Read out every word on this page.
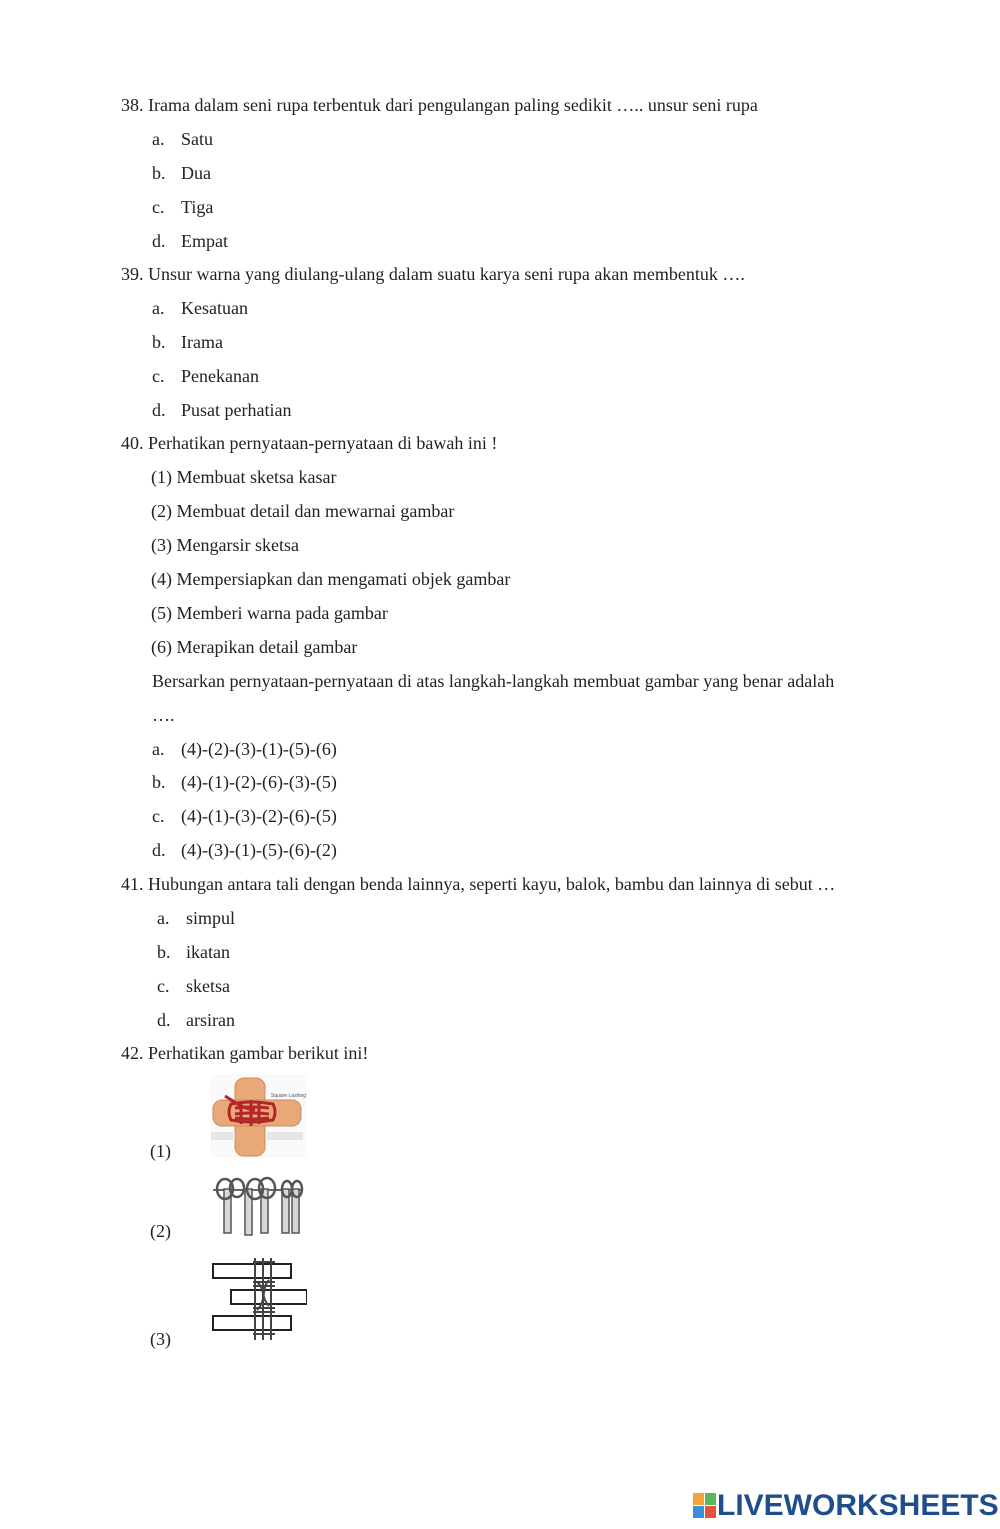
38. Irama dalam seni rupa terbentuk dari pengulangan paling sedikit ….. unsur seni rupa
a. Satu
b. Dua
c. Tiga
d. Empat
39. Unsur warna yang diulang-ulang dalam suatu karya seni rupa akan membentuk ….
a. Kesatuan
b. Irama
c. Penekanan
d. Pusat perhatian
40. Perhatikan pernyataan-pernyataan di bawah ini !
(1) Membuat sketsa kasar
(2) Membuat detail dan mewarnai gambar
(3) Mengarsir sketsa
(4) Mempersiapkan dan mengamati objek gambar
(5) Memberi warna pada gambar
(6) Merapikan detail gambar
Bersarkan pernyataan-pernyataan di atas langkah-langkah membuat gambar yang benar adalah
….
a. (4)-(2)-(3)-(1)-(5)-(6)
b. (4)-(1)-(2)-(6)-(3)-(5)
c. (4)-(1)-(3)-(2)-(6)-(5)
d. (4)-(3)-(1)-(5)-(6)-(2)
41. Hubungan antara tali dengan benda lainnya, seperti kayu, balok, bambu dan lainnya di sebut …
a. simpul
b. ikatan
c. sketsa
d. arsiran
42. Perhatikan gambar berikut ini!
(1)
Square Lashing
(2)
(3)
LIVEWORKSHEETS
